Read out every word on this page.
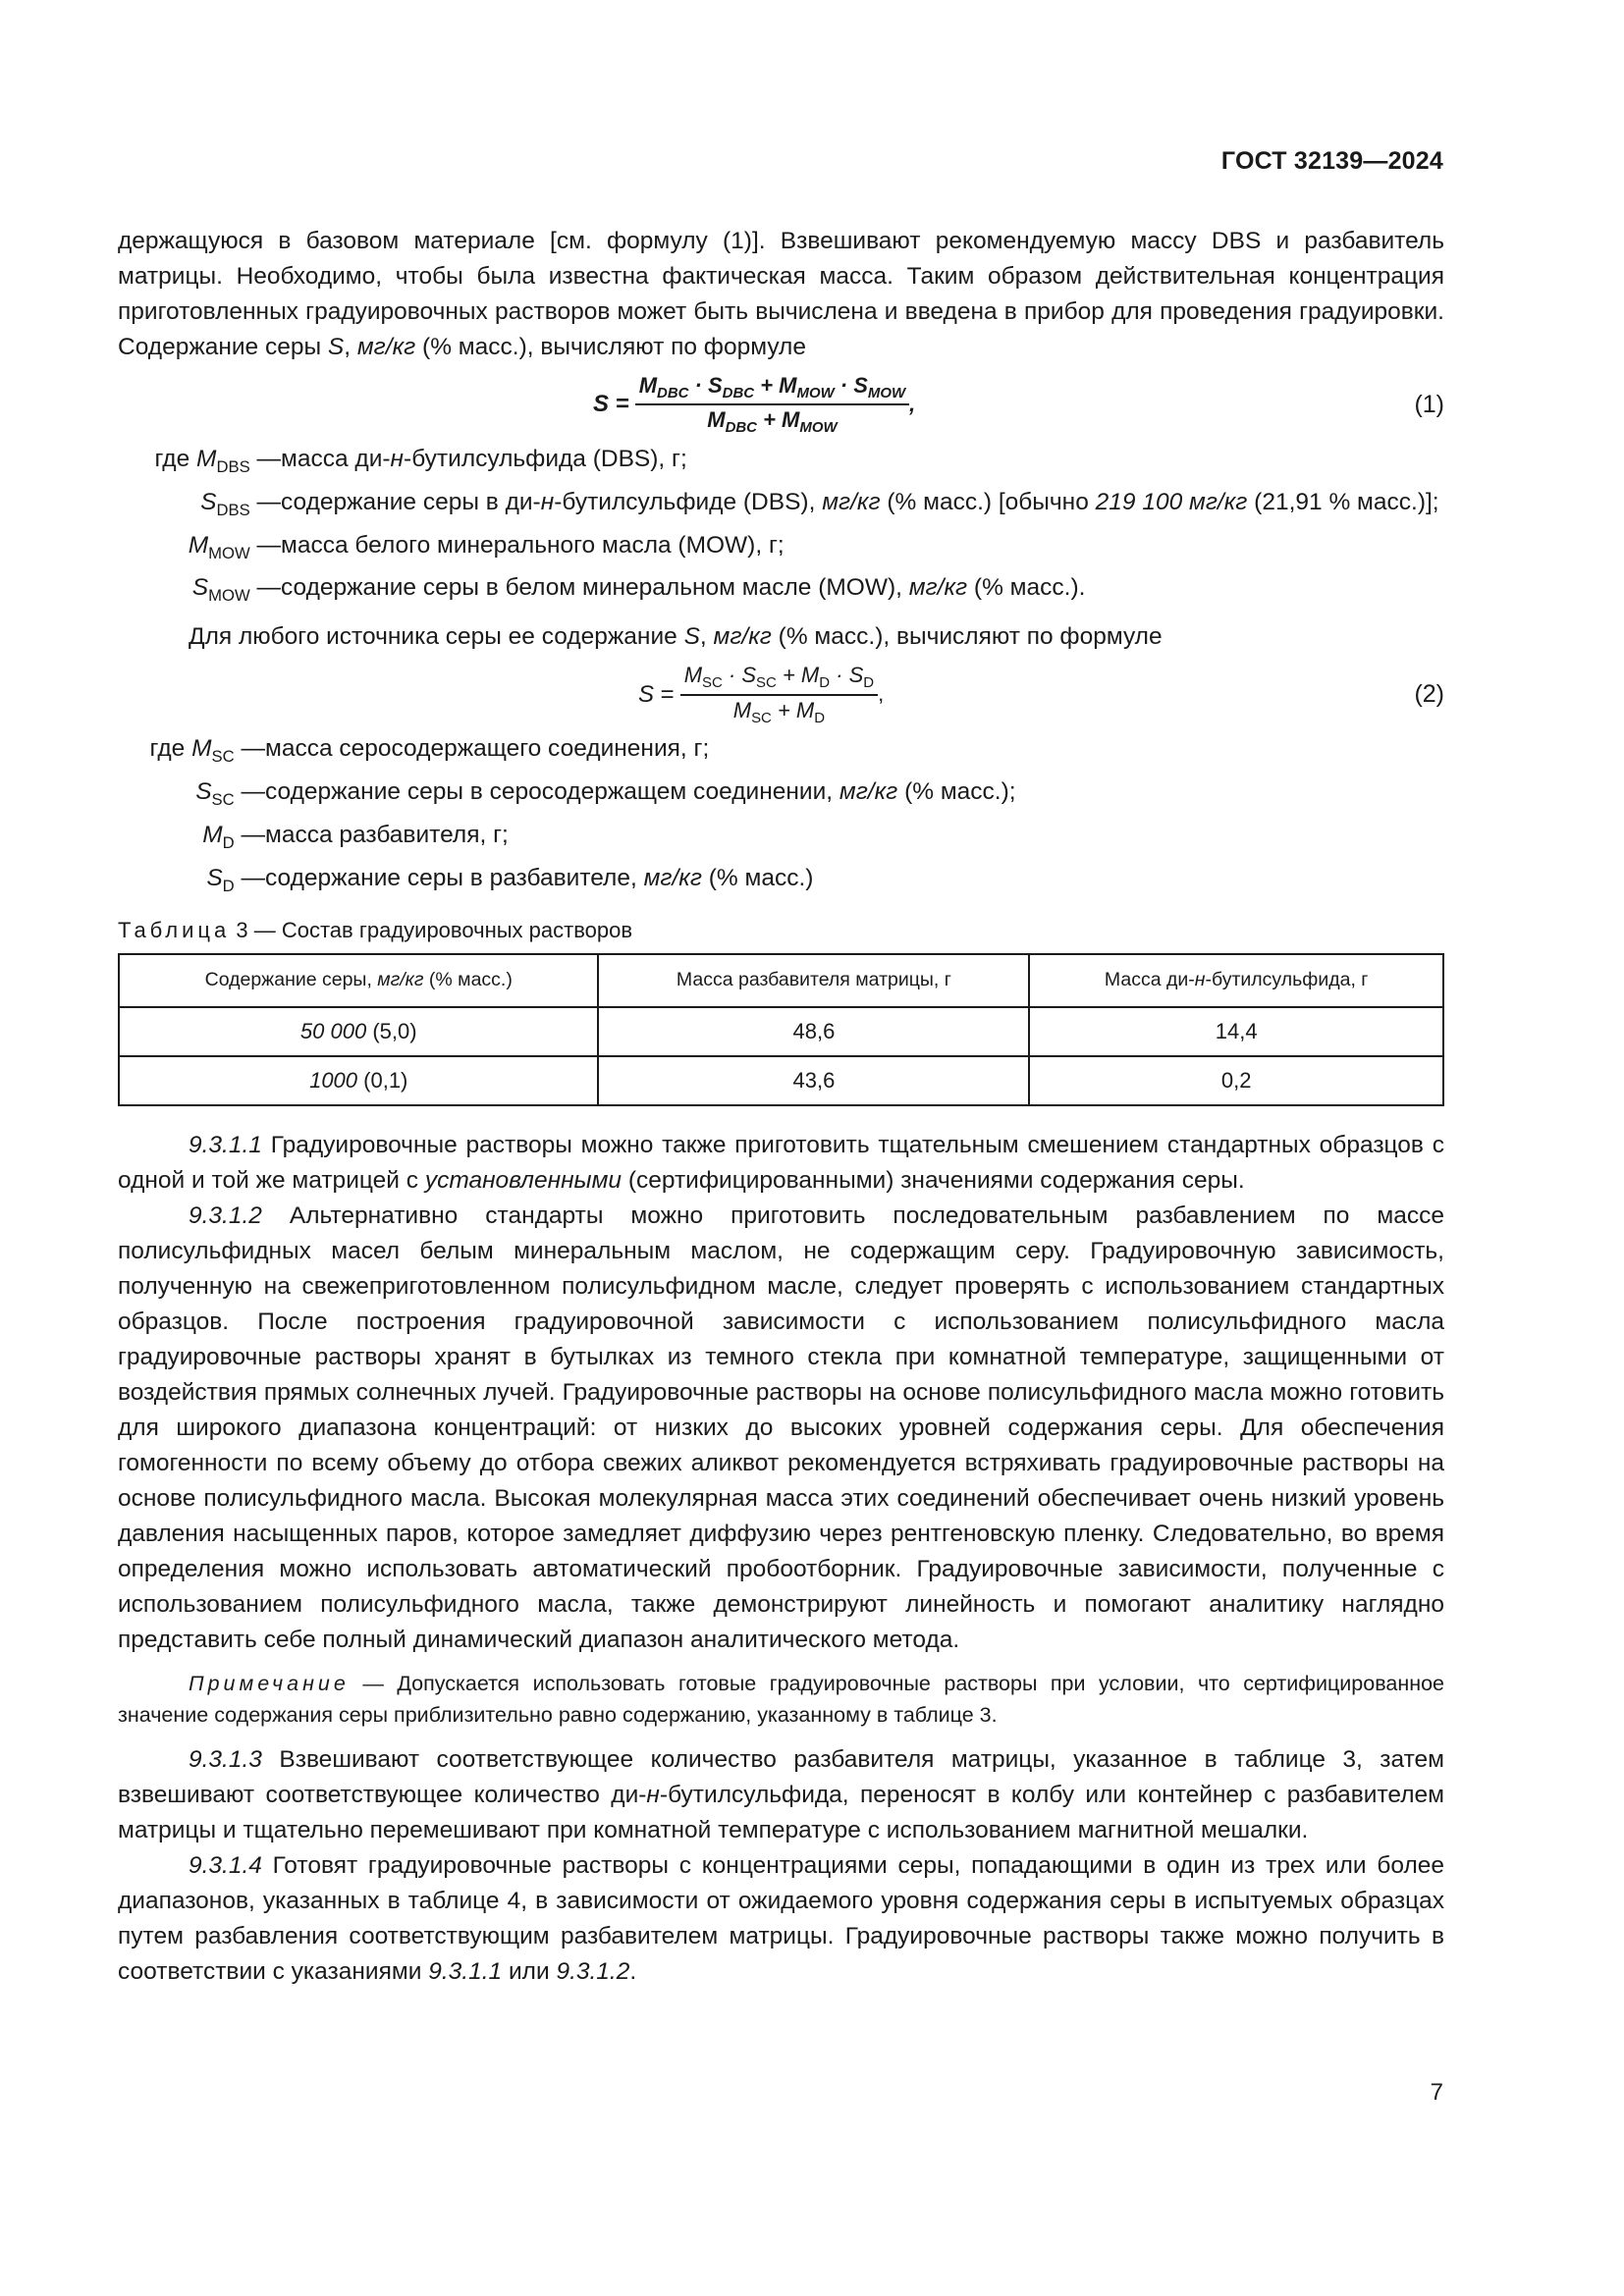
ГОСТ 32139—2024

держащуюся в базовом материале [см. формулу (1)]. Взвешивают рекомендуемую массу DBS и разбавитель матрицы. Необходимо, чтобы была известна фактическая масса. Таким образом действительная концентрация приготовленных градуировочных растворов может быть вычислена и введена в прибор для проведения градуировки. Содержание серы S, мг/кг (% масс.), вычисляют по формуле

$S = \frac{M_{DBC} \cdot S_{DBC} + M_{MOW} \cdot S_{MOW}}{M_{DBC} + M_{MOW}}$ ,	(1)
где $M_{DBS}$ — масса ди-н-бутилсульфида (DBS), г;
$S_{DBS}$ — содержание серы в ди-н-бутилсульфиде (DBS), мг/кг (% масс.) [обычно 219 100 мг/кг (21,91 % масс.)];
$M_{MOW}$ — масса белого минерального масла (MOW), г;
$S_{MOW}$ — содержание серы в белом минеральном масле (MOW), мг/кг (% масс.).

Для любого источника серы ее содержание S, мг/кг (% масс.), вычисляют по формуле

$S = \frac{M_{SC} \cdot S_{SC} + M_D \cdot S_D}{M_{SC} + M_D}$ ,	(2)
где $M_{SC}$ — масса серосодержащего соединения, г;
$S_{SC}$ — содержание серы в серосодержащем соединении, мг/кг (% масс.);
$M_D$ — масса разбавителя, г;
$S_D$ — содержание серы в разбавителе, мг/кг (% масс.)
Таблица 3 — Состав градуировочных растворов
Содержание серы, мг/кг (% масс.)	Масса разбавителя матрицы, г	Масса ди-н-бутилсульфида, г
50 000 (5,0)	48,6	14,4
1000 (0,1)	43,6	0,2

9.3.1.1 Градуировочные растворы можно также приготовить тщательным смешением стандартных образцов с одной и той же матрицей с установленными (сертифицированными) значениями содержания серы.

9.3.1.2 Альтернативно стандарты можно приготовить последовательным разбавлением по массе полисульфидных масел белым минеральным маслом, не содержащим серу. Градуировочную зависимость, полученную на свежеприготовленном полисульфидном масле, следует проверять с использованием стандартных образцов. После построения градуировочной зависимости с использованием полисульфидного масла градуировочные растворы хранят в бутылках из темного стекла при комнатной температуре, защищенными от воздействия прямых солнечных лучей. Градуировочные растворы на основе полисульфидного масла можно готовить для широкого диапазона концентраций: от низких до высоких уровней содержания серы. Для обеспечения гомогенности по всему объему до отбора свежих аликвот рекомендуется встряхивать градуировочные растворы на основе полисульфидного масла. Высокая молекулярная масса этих соединений обеспечивает очень низкий уровень давления насыщенных паров, которое замедляет диффузию через рентгеновскую пленку. Следовательно, во время определения можно использовать автоматический пробоотборник. Градуировочные зависимости, полученные с использованием полисульфидного масла, также демонстрируют линейность и помогают аналитику наглядно представить себе полный динамический диапазон аналитического метода.

Примечание — Допускается использовать готовые градуировочные растворы при условии, что сертифицированное значение содержания серы приблизительно равно содержанию, указанному в таблице 3.

9.3.1.3 Взвешивают соответствующее количество разбавителя матрицы, указанное в таблице 3, затем взвешивают соответствующее количество ди-н-бутилсульфида, переносят в колбу или контейнер с разбавителем матрицы и тщательно перемешивают при комнатной температуре с использованием магнитной мешалки.

9.3.1.4 Готовят градуировочные растворы с концентрациями серы, попадающими в один из трех или более диапазонов, указанных в таблице 4, в зависимости от ожидаемого уровня содержания серы в испытуемых образцах путем разбавления соответствующим разбавителем матрицы. Градуировочные растворы также можно получить в соответствии с указаниями 9.3.1.1 или 9.3.1.2.

7
